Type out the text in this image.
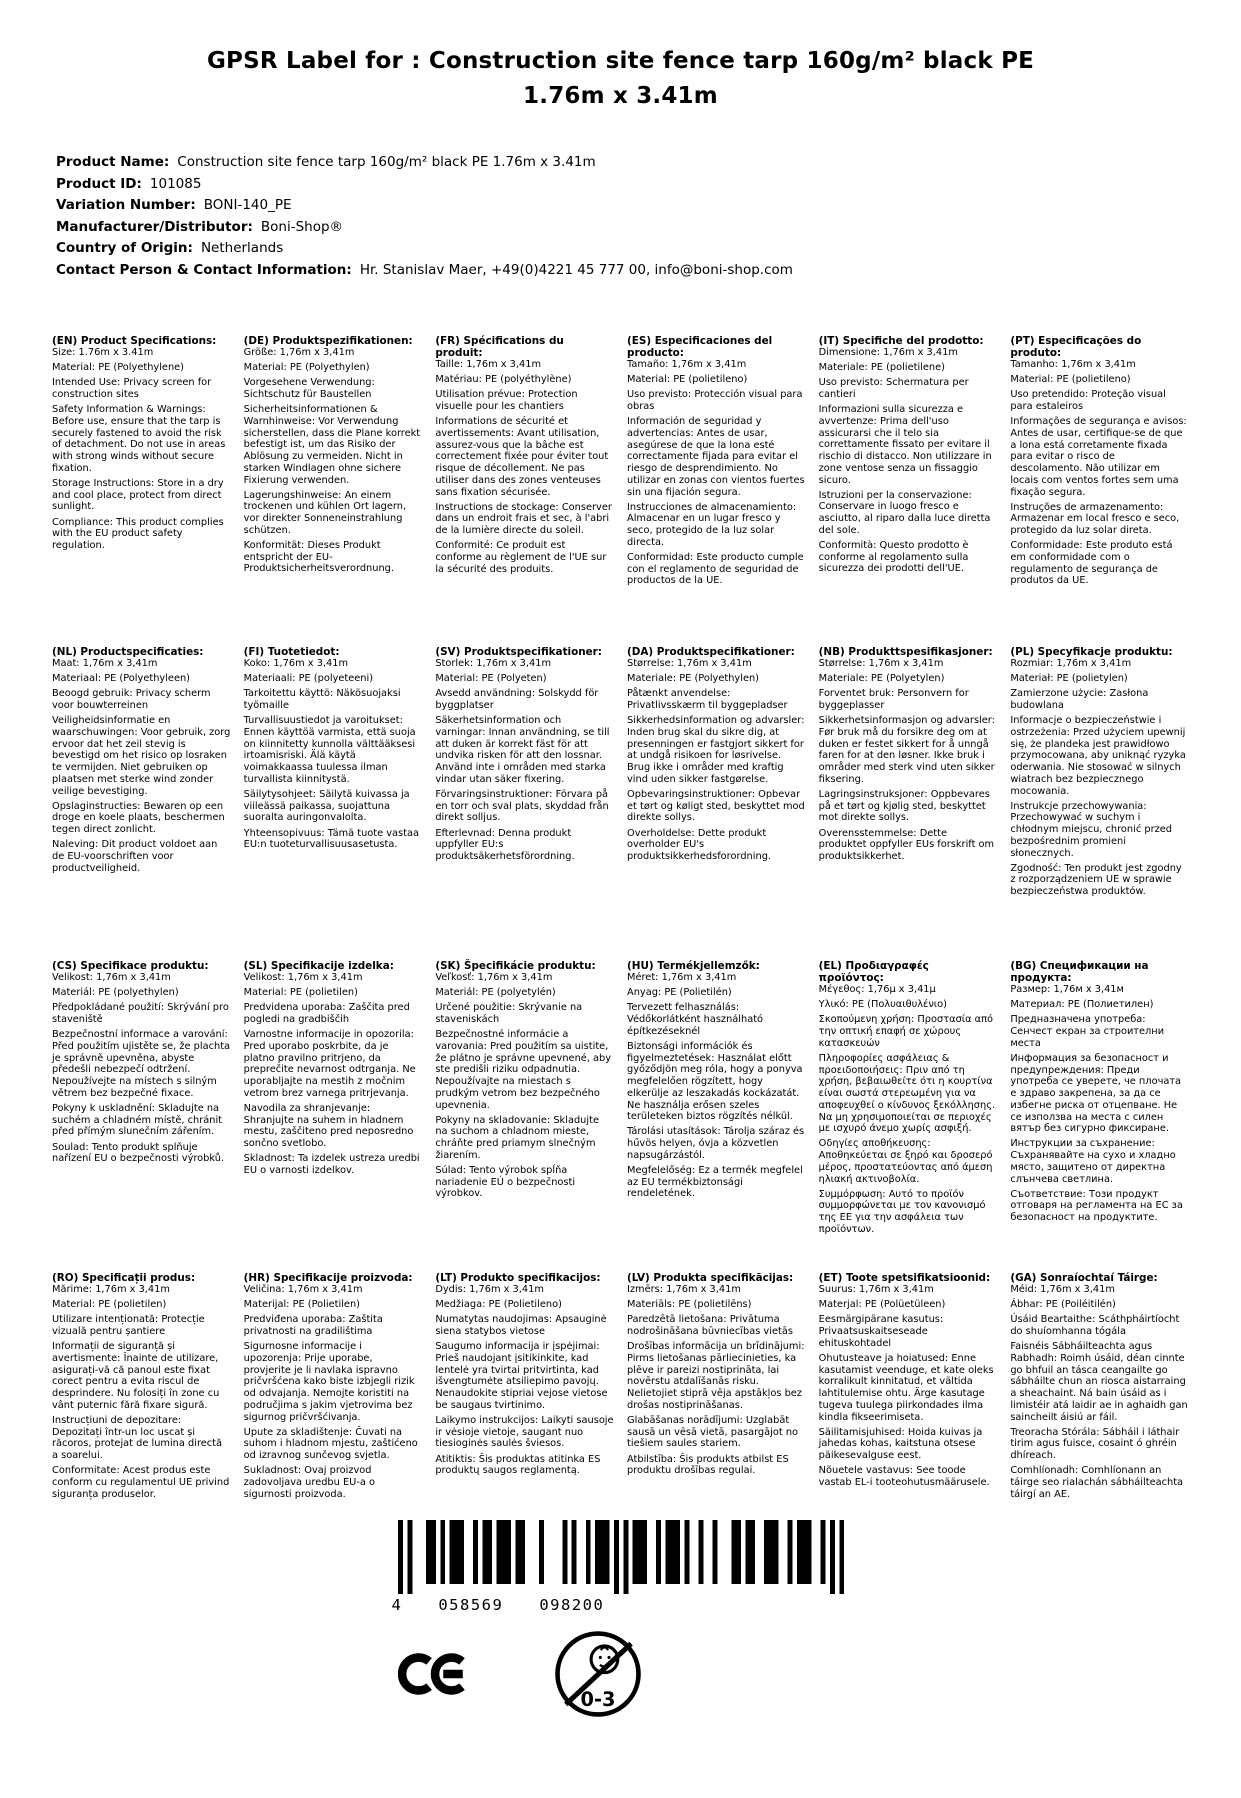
GPSR Label for : Construction site fence tarp 160g/m² black PE
1.76m x 3.41m
Product Name: Construction site fence tarp 160g/m² black PE 1.76m x 3.41m
Product ID: 101085
Variation Number: BONI-140_PE
Manufacturer/Distributor: Boni-Shop®
Country of Origin: Netherlands
Contact Person & Contact Information: Hr. Stanislav Maer, +49(0)4221 45 777 00, info@boni-shop.com
(EN) Product Specifications:

Size: 1.76m x 3.41m

Material: PE (Polyethylene)

Intended Use: Privacy screen for construction sites

Safety Information & Warnings: Before use, ensure that the tarp is securely fastened to avoid the risk of detachment. Do not use in areas with strong winds without secure fixation.

Storage Instructions: Store in a dry and cool place, protect from direct sunlight.

Compliance: This product complies with the EU product safety regulation.

(DE) Produktspezifikationen:

Größe: 1,76m x 3,41m

Material: PE (Polyethylen)

Vorgesehene Verwendung: Sichtschutz für Baustellen

Sicherheitsinformationen & Warnhinweise: Vor Verwendung sicherstellen, dass die Plane korrekt befestigt ist, um das Risiko der Ablösung zu vermeiden. Nicht in starken Windlagen ohne sichere Fixierung verwenden.

Lagerungshinweise: An einem trockenen und kühlen Ort lagern, vor direkter Sonneneinstrahlung schützen.

Konformität: Dieses Produkt entspricht der EU-Produktsicherheitsverordnung.

(FR) Spécifications du produit:

Taille: 1,76m x 3,41m

Matériau: PE (polyéthylène)

Utilisation prévue: Protection visuelle pour les chantiers

Informations de sécurité et avertissements: Avant utilisation, assurez-vous que la bâche est correctement fixée pour éviter tout risque de décollement. Ne pas utiliser dans des zones venteuses sans fixation sécurisée.

Instructions de stockage: Conserver dans un endroit frais et sec, à l'abri de la lumière directe du soleil.

Conformité: Ce produit est conforme au règlement de l'UE sur la sécurité des produits.

(ES) Especificaciones del producto:

Tamaño: 1,76m x 3,41m

Material: PE (polietileno)

Uso previsto: Protección visual para obras

Información de seguridad y advertencias: Antes de usar, asegúrese de que la lona esté correctamente fijada para evitar el riesgo de desprendimiento. No utilizar en zonas con vientos fuertes sin una fijación segura.

Instrucciones de almacenamiento: Almacenar en un lugar fresco y seco, protegido de la luz solar directa.

Conformidad: Este producto cumple con el reglamento de seguridad de productos de la UE.

(IT) Specifiche del prodotto:

Dimensione: 1,76m x 3,41m

Materiale: PE (polietilene)

Uso previsto: Schermatura per cantieri

Informazioni sulla sicurezza e avvertenze: Prima dell'uso assicurarsi che il telo sia correttamente fissato per evitare il rischio di distacco. Non utilizzare in zone ventose senza un fissaggio sicuro.

Istruzioni per la conservazione: Conservare in luogo fresco e asciutto, al riparo dalla luce diretta del sole.

Conformità: Questo prodotto è conforme al regolamento sulla sicurezza dei prodotti dell'UE.

(PT) Especificações do produto:

Tamanho: 1,76m x 3,41m

Material: PE (polietileno)

Uso pretendido: Proteção visual para estaleiros

Informações de segurança e avisos: Antes de usar, certifique-se de que a lona está corretamente fixada para evitar o risco de descolamento. Não utilizar em locais com ventos fortes sem uma fixação segura.

Instruções de armazenamento: Armazenar em local fresco e seco, protegido da luz solar direta.

Conformidade: Este produto está em conformidade com o regulamento de segurança de produtos da UE.

(NL) Productspecificaties:

Maat: 1,76m x 3,41m

Materiaal: PE (Polyethyleen)

Beoogd gebruik: Privacy scherm voor bouwterreinen

Veiligheidsinformatie en waarschuwingen: Voor gebruik, zorg ervoor dat het zeil stevig is bevestigd om het risico op losraken te vermijden. Niet gebruiken op plaatsen met sterke wind zonder veilige bevestiging.

Opslaginstructies: Bewaren op een droge en koele plaats, beschermen tegen direct zonlicht.

Naleving: Dit product voldoet aan de EU-voorschriften voor productveiligheid.

(FI) Tuotetiedot:

Koko: 1,76m x 3,41m

Materiaali: PE (polyeteeni)

Tarkoitettu käyttö: Näkösuojaksi työmaille

Turvallisuustiedot ja varoitukset: Ennen käyttöä varmista, että suoja on kiinnitetty kunnolla välttääksesi irtoamisriski. Älä käytä voimakkaassa tuulessa ilman turvallista kiinnitystä.

Säilytysohjeet: Säilytä kuivassa ja viileässä paikassa, suojattuna suoralta auringonvalolta.

Yhteensopivuus: Tämä tuote vastaa EU:n tuoteturvallisuusasetusta.

(SV) Produktspecifikationer:

Storlek: 1,76m x 3,41m

Material: PE (Polyeten)

Avsedd användning: Solskydd för byggplatser

Säkerhetsinformation och varningar: Innan användning, se till att duken är korrekt fäst för att undvika risken för att den lossnar. Använd inte i områden med starka vindar utan säker fixering.

Förvaringsinstruktioner: Förvara på en torr och sval plats, skyddad från direkt solljus.

Efterlevnad: Denna produkt uppfyller EU:s produktsäkerhetsförordning.

(DA) Produktspecifikationer:

Størrelse: 1,76m x 3,41m

Materiale: PE (Polyethylen)

Påtænkt anvendelse: Privatlivsskærm til byggepladser

Sikkerhedsinformation og advarsler: Inden brug skal du sikre dig, at presenningen er fastgjort sikkert for at undgå risikoen for løsrivelse. Brug ikke i områder med kraftig vind uden sikker fastgørelse.

Opbevaringsinstruktioner: Opbevar et tørt og køligt sted, beskyttet mod direkte sollys.

Overholdelse: Dette produkt overholder EU's produktsikkerhedsforordning.

(NB) Produkttspesifikasjoner:

Størrelse: 1,76m x 3,41m

Materiale: PE (Polyetylen)

Forventet bruk: Personvern for byggeplasser

Sikkerhetsinformasjon og advarsler: Før bruk må du forsikre deg om at duken er festet sikkert for å unngå faren for at den løsner. Ikke bruk i områder med sterk vind uten sikker fiksering.

Lagringsinstruksjoner: Oppbevares på et tørt og kjølig sted, beskyttet mot direkte sollys.

Overensstemmelse: Dette produktet oppfyller EUs forskrift om produktsikkerhet.

(PL) Specyfikacje produktu:

Rozmiar: 1,76m x 3,41m

Materiał: PE (polietylen)

Zamierzone użycie: Zasłona budowlana

Informacje o bezpieczeństwie i ostrzeżenia: Przed użyciem upewnij się, że plandeka jest prawidłowo przymocowana, aby uniknąć ryzyka oderwania. Nie stosować w silnych wiatrach bez bezpiecznego mocowania.

Instrukcje przechowywania: Przechowywać w suchym i chłodnym miejscu, chronić przed bezpośrednim promieni słonecznych.

Zgodność: Ten produkt jest zgodny z rozporządzeniem UE w sprawie bezpieczeństwa produktów.

(CS) Specifikace produktu:

Velikost: 1,76m x 3,41m

Materiál: PE (polyethylen)

Předpokládané použití: Skrývání pro staveniště

Bezpečnostní informace a varování: Před použitím ujistěte se, že plachta je správně upevněna, abyste předešli nebezpečí odtržení. Nepoužívejte na místech s silným větrem bez bezpečné fixace.

Pokyny k uskladnění: Skladujte na suchém a chladném místě, chránit před přímým slunečním zářením.

Soulad: Tento produkt splňuje nařízení EU o bezpečnosti výrobků.

(SL) Specifikacije izdelka:

Velikost: 1,76m x 3,41m

Material: PE (polietilen)

Predvidena uporaba: Zaščita pred pogledi na gradbiščih

Varnostne informacije in opozorila: Pred uporabo poskrbite, da je platno pravilno pritrjeno, da preprečite nevarnost odtrganja. Ne uporabljajte na mestih z močnim vetrom brez varnega pritrjevanja.

Navodila za shranjevanje: Shranjujte na suhem in hladnem mestu, zaščiteno pred neposredno sončno svetlobo.

Skladnost: Ta izdelek ustreza uredbi EU o varnosti izdelkov.

(SK) Špecifikácie produktu:

Veľkosť: 1,76m x 3,41m

Materiál: PE (polyetylén)

Určené použitie: Skrývanie na staveniskách

Bezpečnostné informácie a varovania: Pred použitím sa uistite, že plátno je správne upevnené, aby ste predišli riziku odpadnutia. Nepoužívajte na miestach s prudkým vetrom bez bezpečného upevnenia.

Pokyny na skladovanie: Skladujte na suchom a chladnom mieste, chráňte pred priamym slnečným žiarením.

Súlad: Tento výrobok spĺňa nariadenie EÚ o bezpečnosti výrobkov.

(HU) Termékjellemzők:

Méret: 1,76m x 3,41m

Anyag: PE (Polietilén)

Tervezett felhasználás: Védőkorlátként használható építkezéseknél

Biztonsági információk és figyelmeztetések: Használat előtt győződjön meg róla, hogy a ponyva megfelelően rögzített, hogy elkerülje az leszakadás kockázatát. Ne használja erősen szeles területeken biztos rögzítés nélkül.

Tárolási utasítások: Tárolja száraz és hűvös helyen, óvja a közvetlen napsugárzástól.

Megfelelőség: Ez a termék megfelel az EU termékbiztonsági rendeletének.

(EL) Προδιαγραφές προϊόντος:

Μέγεθος: 1,76μ x 3,41μ

Υλικό: PE (Πολυαιθυλένιο)

Σκοπούμενη χρήση: Προστασία από την οπτική επαφή σε χώρους κατασκευών

Πληροφορίες ασφάλειας & προειδοποιήσεις: Πριν από τη χρήση, βεβαιωθείτε ότι η κουρτίνα είναι σωστά στερεωμένη για να αποφευχθεί ο κίνδυνος ξεκόλλησης. Να μη χρησιμοποιείται σε περιοχές με ισχυρό άνεμο χωρίς ασφιξή.

Οδηγίες αποθήκευσης: Αποθηκεύεται σε ξηρό και δροσερό μέρος, προστατεύοντας από άμεση ηλιακή ακτινοβολία.

Συμμόρφωση: Αυτό το προϊόν συμμορφώνεται με τον κανονισμό της ΕΕ για την ασφάλεια των προϊόντων.

(BG) Спецификации на продукта:

Размер: 1,76м x 3,41м

Материал: PE (Полиетилен)

Предназначена употреба: Сенчест екран за строителни места

Информация за безопасност и предупреждения: Преди употреба се уверете, че плочата е здраво закрепена, за да се избегне риска от отцепване. Не се използва на места с силен вятър без сигурно фиксиране.

Инструкции за съхранение: Съхранявайте на сухо и хладно място, защитено от директна слънчева светлина.

Съответствие: Този продукт отговаря на регламента на ЕС за безопасност на продуктите.

(RO) Specificații produs:

Mărime: 1,76m x 3,41m

Material: PE (polietilen)

Utilizare intenționată: Protecție vizuală pentru șantiere

Informații de siguranță și avertismente: Înainte de utilizare, asigurați-vă că panoul este fixat corect pentru a evita riscul de desprindere. Nu folosiți în zone cu vânt puternic fără fixare sigură.

Instrucțiuni de depozitare: Depozitați într-un loc uscat și răcoros, protejat de lumina directă a soarelui.

Conformitate: Acest produs este conform cu regulamentul UE privind siguranța produselor.

(HR) Specifikacije proizvoda:

Veličina: 1,76m x 3,41m

Materijal: PE (Polietilen)

Predviđena uporaba: Zaštita privatnosti na gradilištima

Sigurnosne informacije i upozorenja: Prije uporabe, provjerite je li navlaka ispravno pričvršćena kako biste izbjegli rizik od odvajanja. Nemojte koristiti na područjima s jakim vjetrovima bez sigurnog pričvršćivanja.

Upute za skladištenje: Čuvati na suhom i hladnom mjestu, zaštićeno od izravnog sunčevog svjetla.

Sukladnost: Ovaj proizvod zadovoljava uredbu EU-a o sigurnosti proizvoda.

(LT) Produkto specifikacijos:

Dydis: 1,76m x 3,41m

Medžiaga: PE (Polietileno)

Numatytas naudojimas: Apsauginė siena statybos vietose

Saugumo informacija ir įspėjimai: Prieš naudojant įsitikinkite, kad lentelė yra tvirtai pritvirtinta, kad išvengtumėte atsiliepimo pavojų. Nenaudokite stipriai vejose vietose be saugaus tvirtinimo.

Laikymo instrukcijos: Laikyti sausoje ir vėsioje vietoje, saugant nuo tiesioginės saulės šviesos.

Atitiktis: Šis produktas atitinka ES produktų saugos reglamentą.

(LV) Produkta specifikācijas:

Izmērs: 1,76m x 3,41m

Materiāls: PE (polietilēns)

Paredzētā lietošana: Privātuma nodrošināšana būvniecības vietās

Drošības informācija un brīdinājumi: Pirms lietošanas pārliecinieties, ka plēve ir pareizi nostiprināta, lai novērstu atdalīšanās risku. Nelietojiet stiprā vēja apstākļos bez drošas nostiprināšanas.

Glabāšanas norādījumi: Uzglabāt sausā un vēsā vietā, pasargājot no tiešiem saules stariem.

Atbilstība: Šis produkts atbilst ES produktu drošības regulai.

(ET) Toote spetsifikatsioonid:

Suurus: 1,76m x 3,41m

Materjal: PE (Polüetüleen)

Eesmärgipärane kasutus: Privaatsuskaitseseade ehituskohtadel

Ohutusteave ja hoiatused: Enne kasutamist veenduge, et kate oleks korralikult kinnitatud, et vältida lahtitulemise ohtu. Ärge kasutage tugeva tuulega piirkondades ilma kindla fikseerimiseta.

Säilitamisjuhised: Hoida kuivas ja jahedas kohas, kaitstuna otsese päikesevalguse eest.

Nõuetele vastavus: See toode vastab EL-i tooteohutusmäärusele.

(GA) Sonraíochtaí Táirge:

Méid: 1,76m x 3,41m

Ábhar: PE (Poiléitilén)

Úsáid Beartaithe: Scáthpháirtíocht do shuíomhanna tógála

Faisnéis Sábháilteachta agus Rabhadh: Roimh úsáid, déan cinnte go bhfuil an tásca ceangailte go sábháilte chun an riosca aistarraing a sheachaint. Ná bain úsáid as i limistéir atá laidir ae in aghaidh gan saincheilt áisiú ar fáil.

Treoracha Stórála: Sábháil i láthair tirim agus fuisce, cosaint ó ghréin dhíreach.

Comhlíonadh: Comhlíonann an táirge seo rialachán sábháilteachta táirgí an AE.

4 058569 098200
0-3
